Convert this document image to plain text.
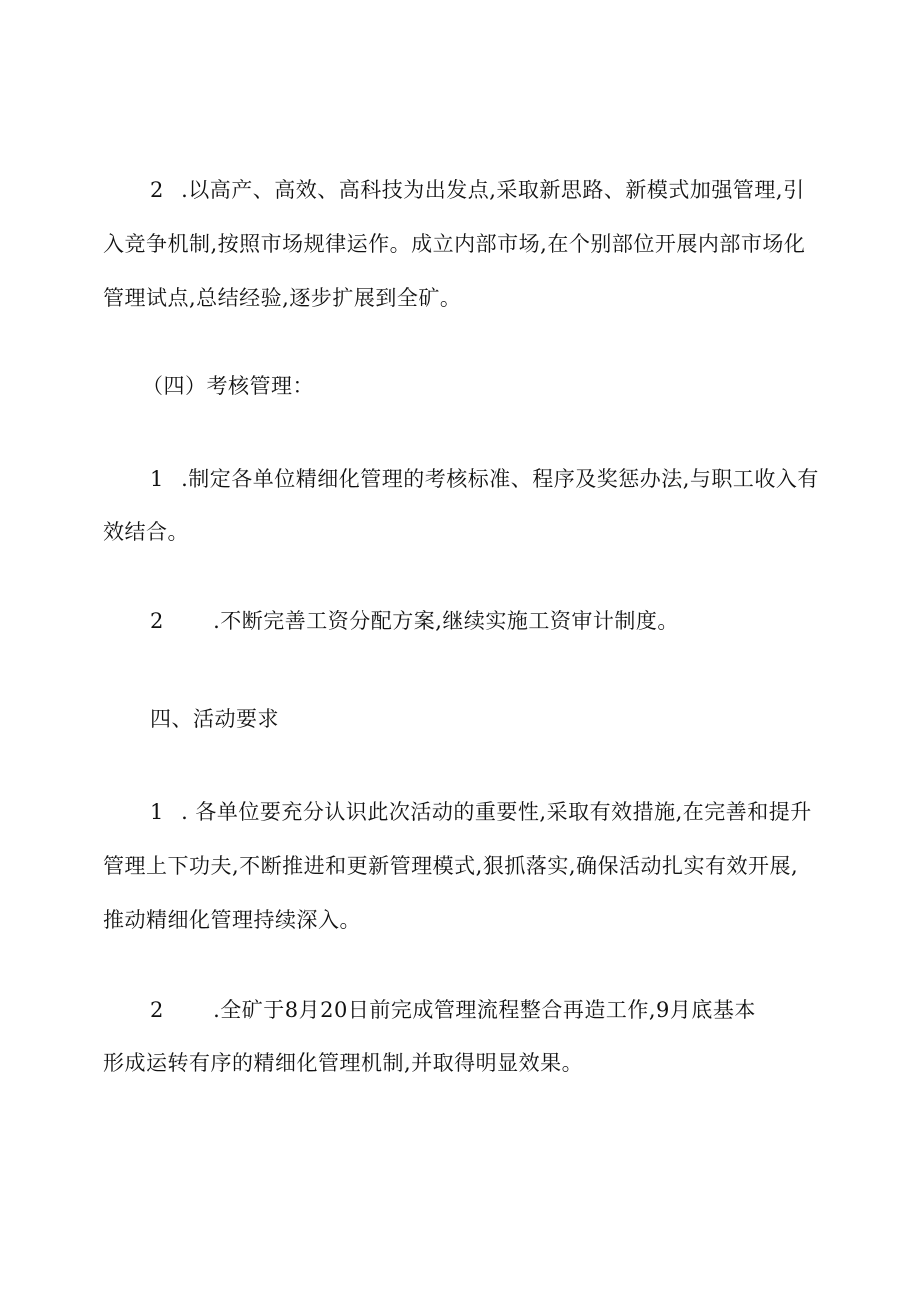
2 .以高产、高效、高科技为出发点,采取新思路、新模式加强管理,引
入竞争机制,按照市场规律运作。成立内部市场,在个别部位开展内部市场化
管理试点,总结经验,逐步扩展到全矿。
（四）考核管理：
1 .制定各单位精细化管理的考核标准、程序及奖惩办法,与职工收入有
效结合。
2 .不断完善工资分配方案,继续实施工资审计制度。
四、活动要求
1 . 各单位要充分认识此次活动的重要性,采取有效措施,在完善和提升
管理上下功夫,不断推进和更新管理模式,狠抓落实,确保活动扎实有效开展,
推动精细化管理持续深入。
2 .全矿于8月20日前完成管理流程整合再造工作,9月底基本
形成运转有序的精细化管理机制,并取得明显效果。
